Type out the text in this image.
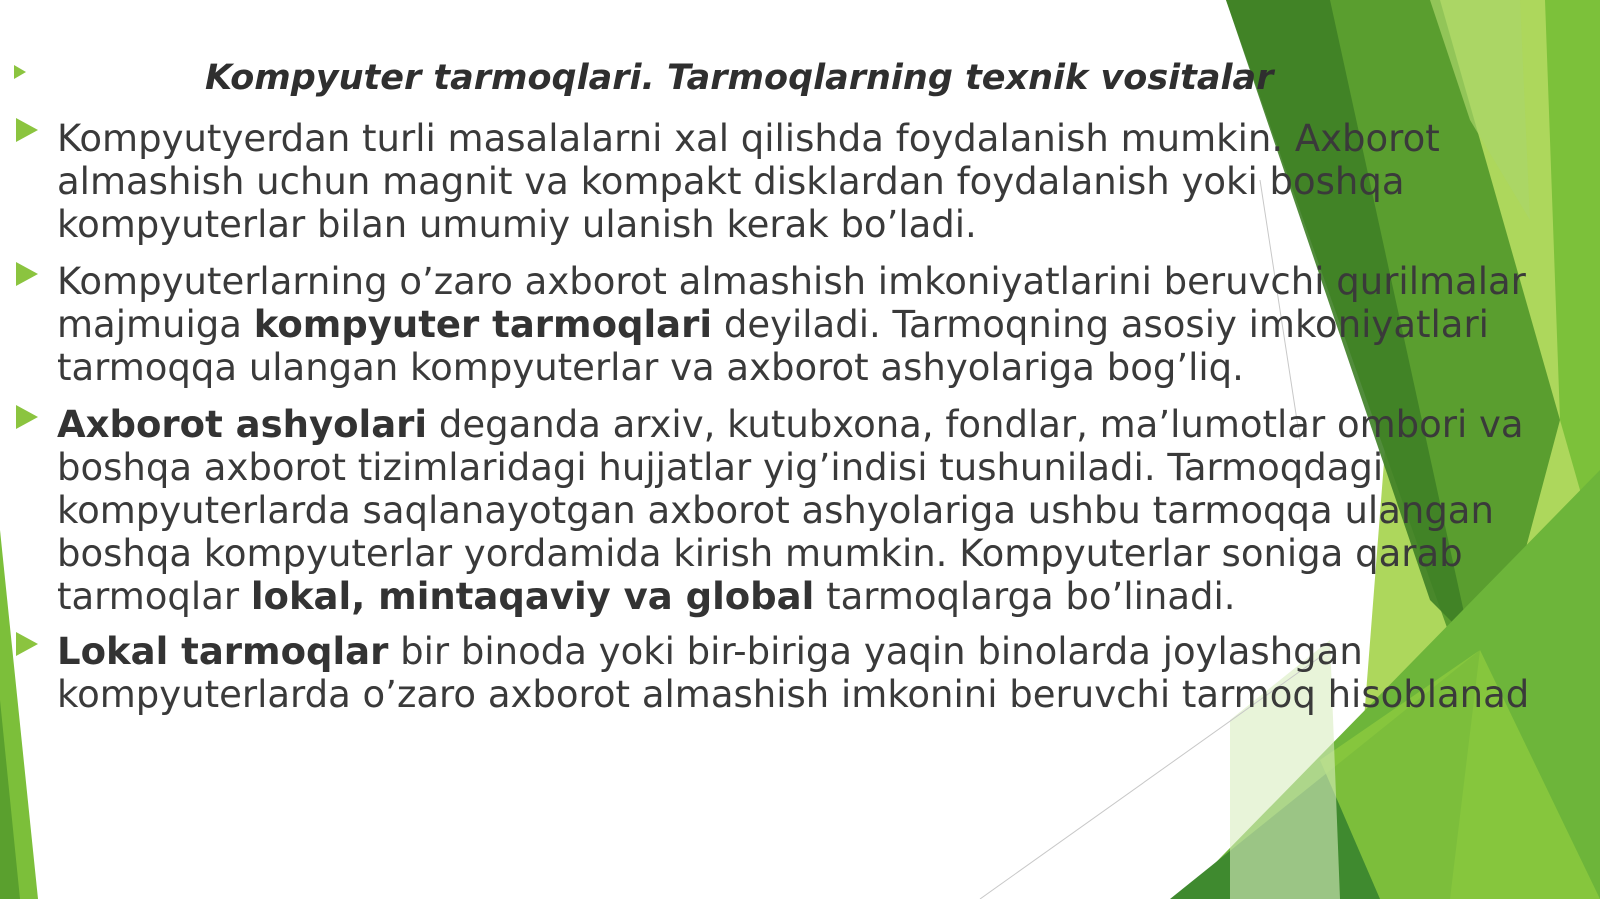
Kompyuter tarmoqlari. Tarmoqlarning texnik vositalar
Kompyutyerdan turli masalalarni xal qilishda foydalanish mumkin. Axborot
almashish uchun magnit va kompakt disklardan foydalanish yoki boshqa
kompyuterlar bilan umumiy ulanish kerak bo’ladi.
Kompyuterlarning o’zaro axborot almashish imkoniyatlarini beruvchi qurilmalar
majmuiga kompyuter tarmoqlari deyiladi. Tarmoqning asosiy imkoniyatlari
tarmoqqa ulangan kompyuterlar va axborot ashyolariga bog’liq.
Axborot ashyolari deganda arxiv, kutubxona, fondlar, ma’lumotlar ombori va
boshqa axborot tizimlaridagi hujjatlar yig’indisi tushuniladi. Tarmoqdagi
kompyuterlarda saqlanayotgan axborot ashyolariga ushbu tarmoqqa ulangan
boshqa kompyuterlar yordamida kirish mumkin. Kompyuterlar soniga qarab
tarmoqlar lokal, mintaqaviy va global tarmoqlarga bo’linadi.
Lokal tarmoqlar bir binoda yoki bir-biriga yaqin binolarda joylashgan
kompyuterlarda o’zaro axborot almashish imkonini beruvchi tarmoq hisoblanad
